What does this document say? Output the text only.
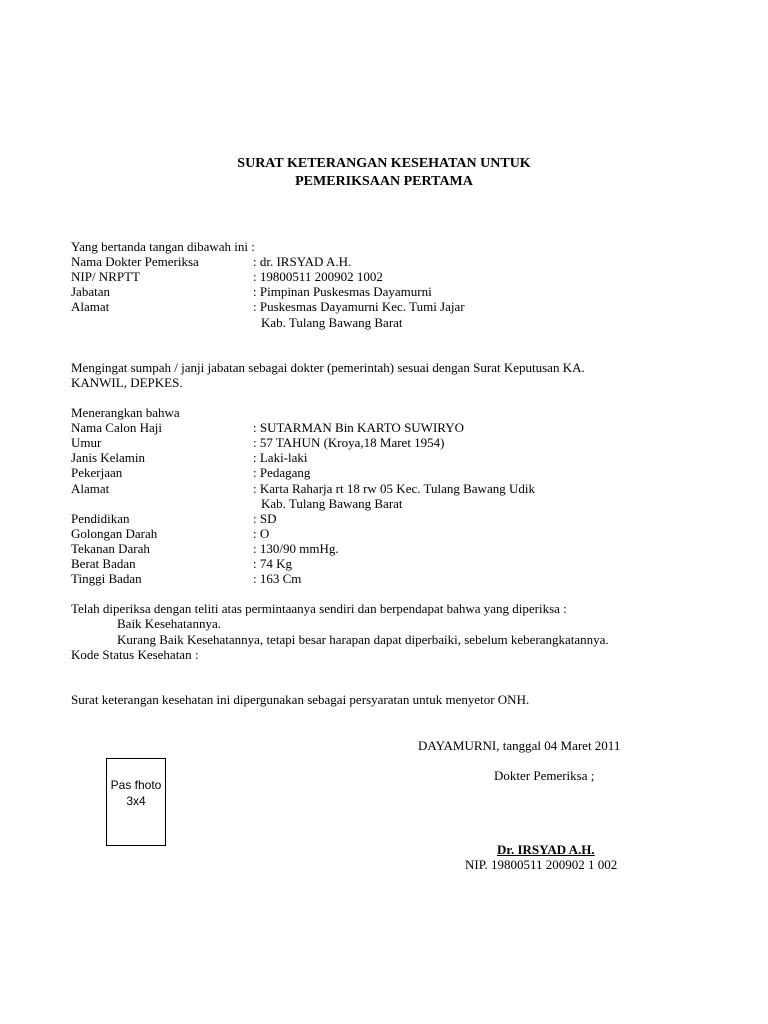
SURAT KETERANGAN KESEHATAN UNTUK
PEMERIKSAAN PERTAMA
Yang bertanda tangan dibawah ini :
Nama Dokter Pemeriksa	: dr. IRSYAD A.H.
NIP/ NRPTT	: 19800511 200902 1002
Jabatan	: Pimpinan Puskesmas Dayamurni
Alamat	: Puskesmas Dayamurni Kec. Tumi Jajar
Kab. Tulang Bawang Barat
Mengingat sumpah / janji jabatan sebagai dokter (pemerintah) sesuai dengan Surat Keputusan KA.
KANWIL, DEPKES.
Menerangkan bahwa
Nama Calon Haji	: SUTARMAN Bin KARTO SUWIRYO
Umur	: 57 TAHUN (Kroya,18 Maret 1954)
Janis Kelamin	: Laki-laki
Pekerjaan	: Pedagang
Alamat	: Karta Raharja rt 18 rw 05 Kec. Tulang Bawang Udik
Kab. Tulang Bawang Barat
Pendidikan	: SD
Golongan Darah	: O
Tekanan Darah	: 130/90 mmHg.
Berat Badan	: 74 Kg
Tinggi Badan	: 163 Cm
Telah diperiksa dengan teliti atas permintaanya sendiri dan berpendapat bahwa yang diperiksa :
Baik Kesehatannya.
Kurang Baik Kesehatannya, tetapi besar harapan dapat diperbaiki, sebelum keberangkatannya.
Kode Status Kesehatan :
Surat keterangan kesehatan ini dipergunakan sebagai persyaratan untuk menyetor ONH.
DAYAMURNI, tanggal 04 Maret 2011
Dokter Pemeriksa ;
Pas fhoto
3x4
Dr. IRSYAD A.H.
NIP. 19800511 200902 1 002
